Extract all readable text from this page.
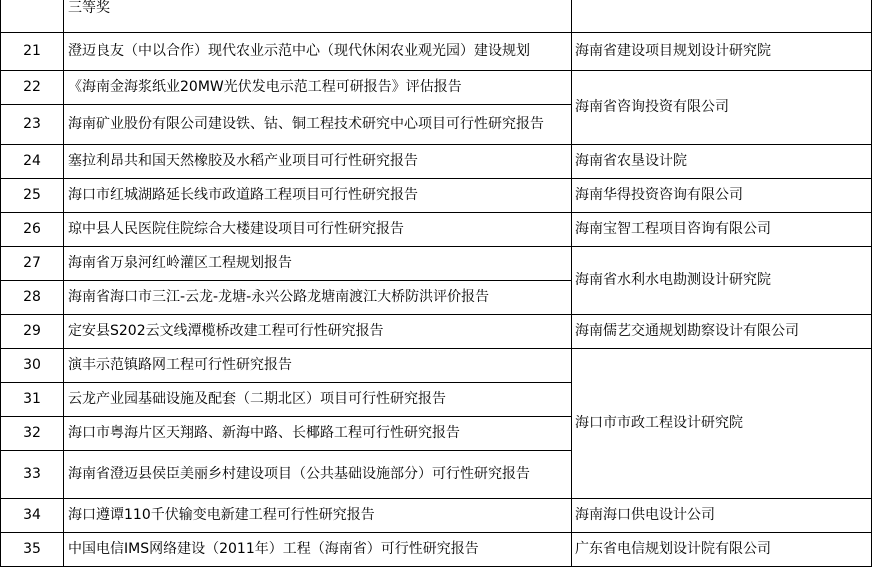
	三等奖	
21	澄迈良友（中以合作）现代农业示范中心（现代休闲农业观光园）建设规划	海南省建设项目规划设计研究院
22	《海南金海浆纸业20MW光伏发电示范工程可研报告》评估报告	海南省咨询投资有限公司
23	海南矿业股份有限公司建设铁、钴、铜工程技术研究中心项目可行性研究报告	
24	塞拉利昂共和国天然橡胶及水稻产业项目可行性研究报告	海南省农垦设计院
25	海口市红城湖路延长线市政道路工程项目可行性研究报告	海南华得投资咨询有限公司
26	琼中县人民医院住院综合大楼建设项目可行性研究报告	海南宝智工程项目咨询有限公司
27	海南省万泉河红岭灌区工程规划报告	海南省水利水电勘测设计研究院
28	海南省海口市三江-云龙-龙塘-永兴公路龙塘南渡江大桥防洪评价报告	
29	定安县S202云文线潭榄桥改建工程可行性研究报告	海南儒艺交通规划勘察设计有限公司
30	演丰示范镇路网工程可行性研究报告	海口市市政工程设计研究院
31	云龙产业园基础设施及配套（二期北区）项目可行性研究报告	
32	海口市粤海片区天翔路、新海中路、长椰路工程可行性研究报告	
33	海南省澄迈县侯臣美丽乡村建设项目（公共基础设施部分）可行性研究报告	
34	海口遵谭110千伏输变电新建工程可行性研究报告	海南海口供电设计公司
35	中国电信IMS网络建设（2011年）工程（海南省）可行性研究报告	广东省电信规划设计院有限公司
